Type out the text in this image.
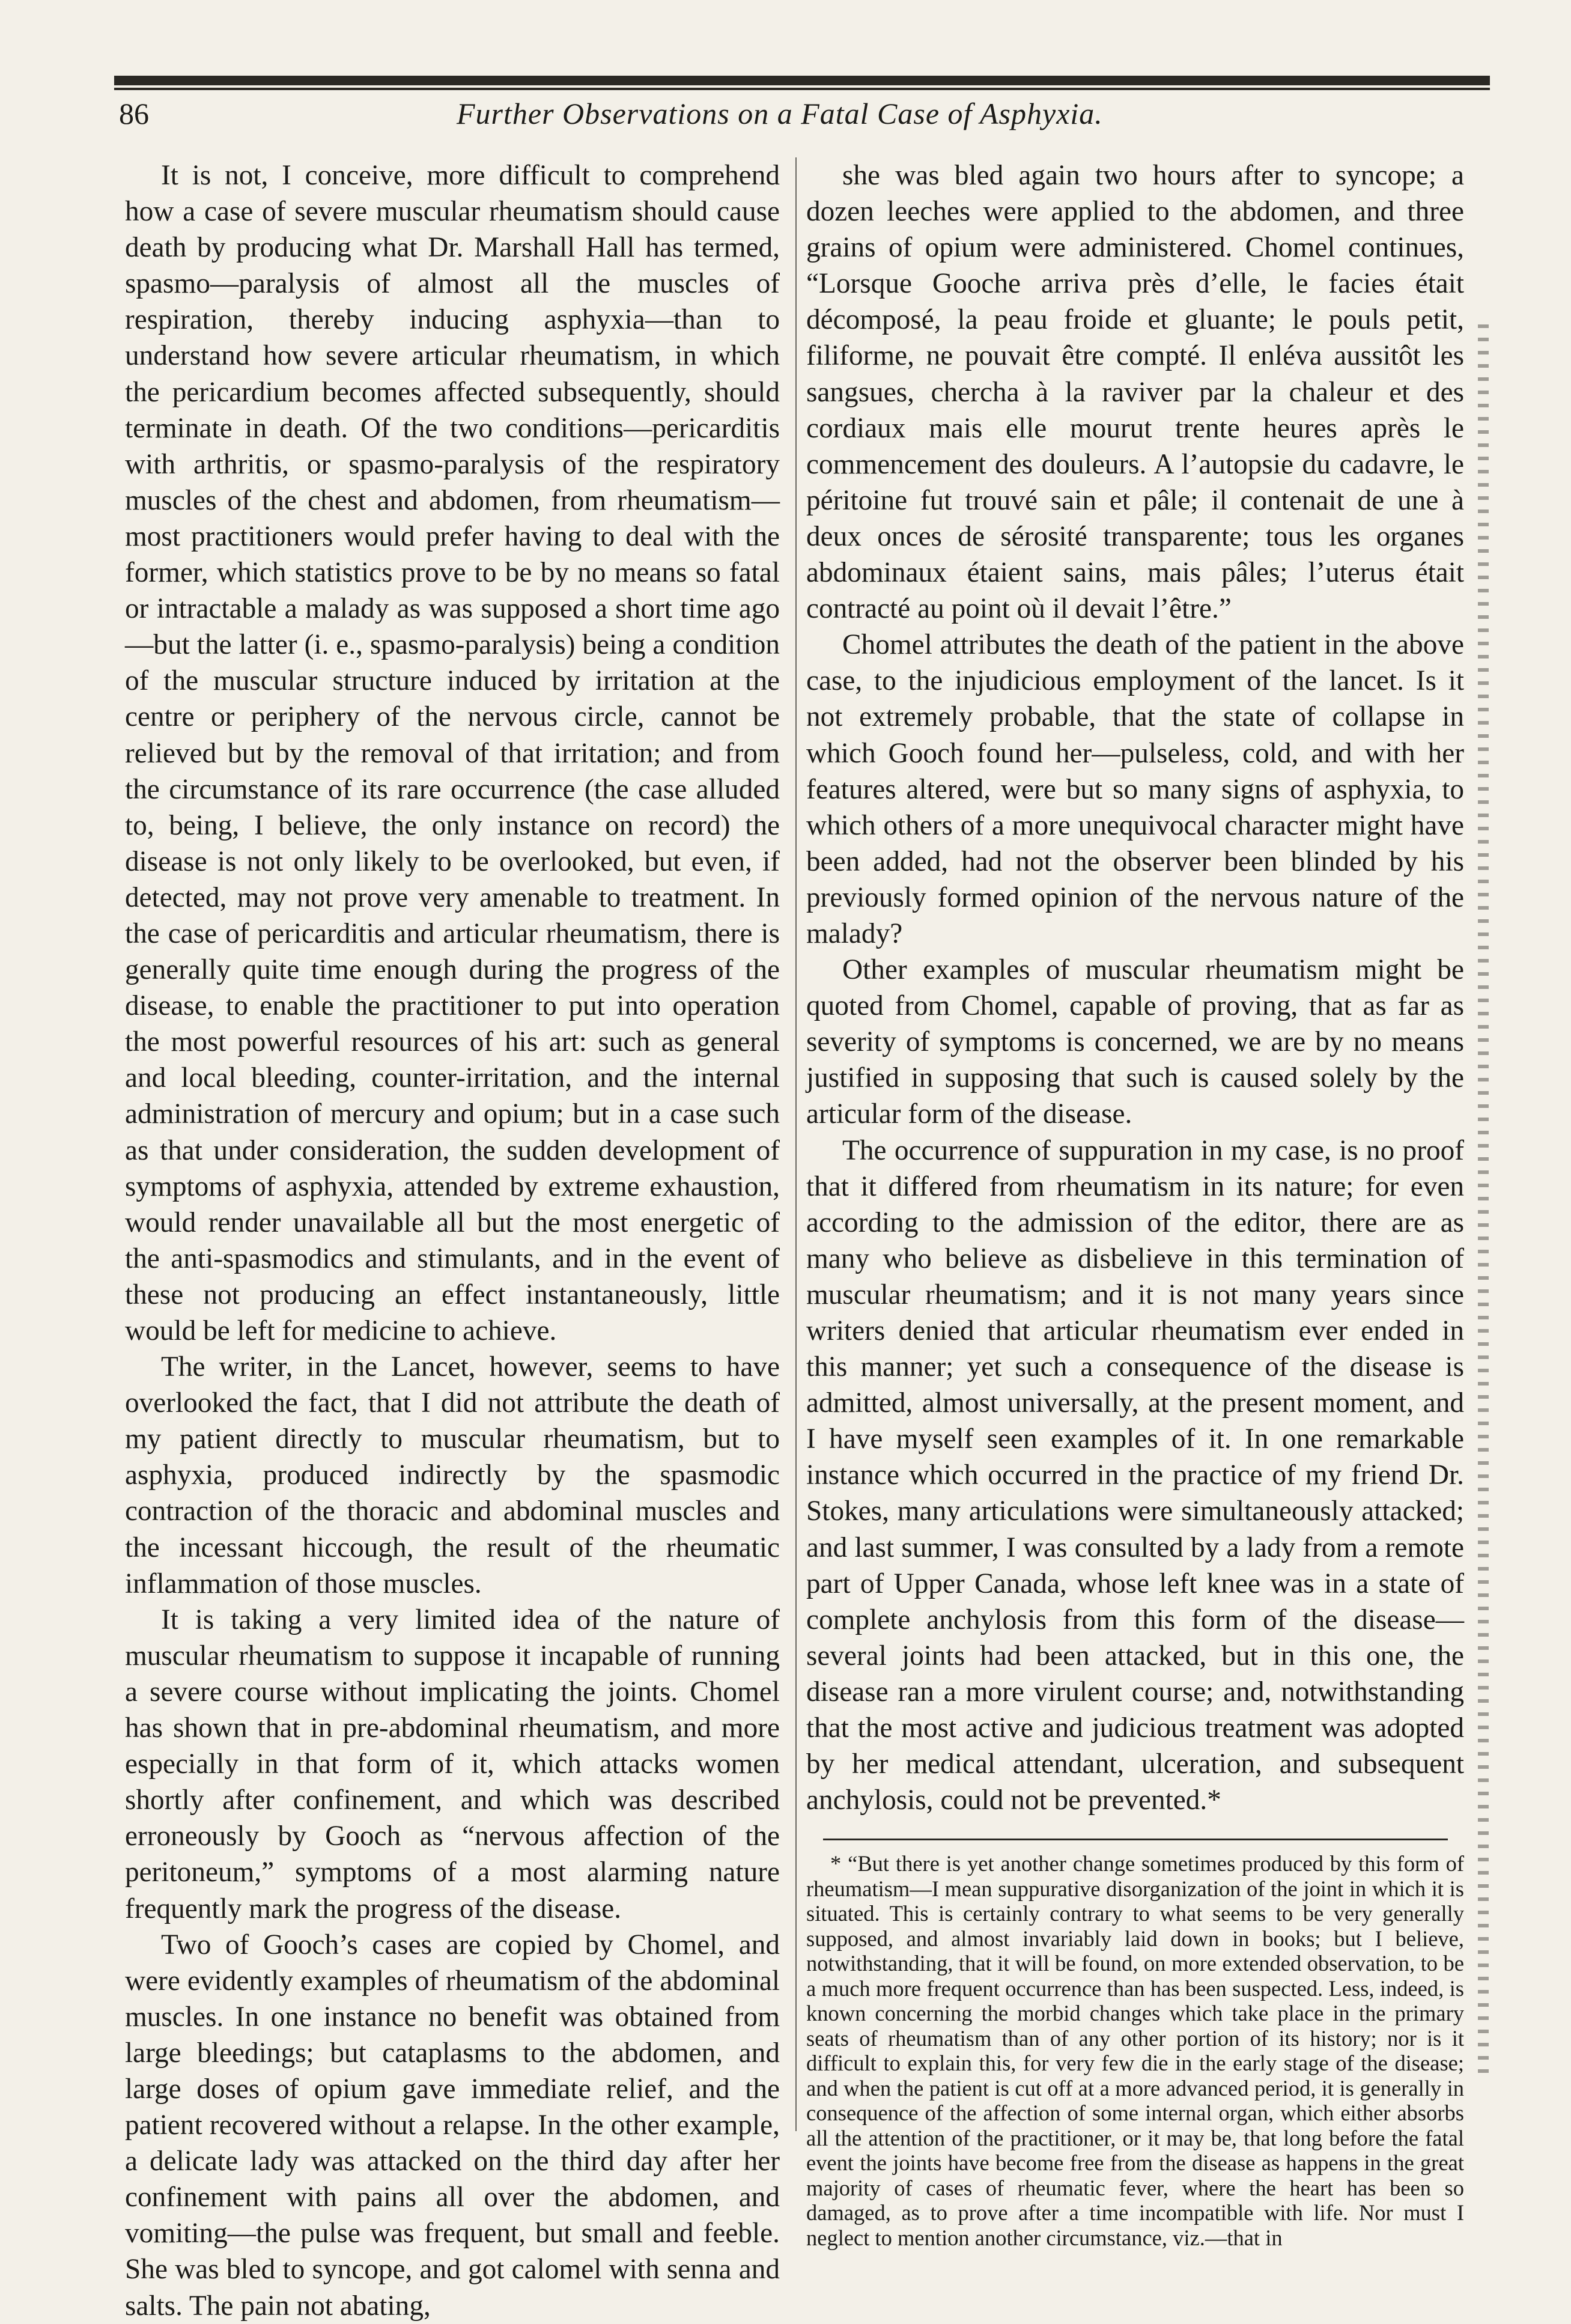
86	Further Observations on a Fatal Case of Asphyxia.

It is not, I conceive, more difficult to comprehend how a case of severe muscular rheumatism should cause death by producing what Dr. Marshall Hall has termed, spasmo—paralysis of almost all the muscles of respiration, thereby inducing asphyxia—than to understand how severe articular rheumatism, in which the pericardium becomes affected subsequently, should terminate in death. Of the two conditions—pericarditis with arthritis, or spasmo-paralysis of the respiratory muscles of the chest and abdomen, from rheumatism—most practitioners would prefer having to deal with the former, which statistics prove to be by no means so fatal or intractable a malady as was supposed a short time ago—but the latter (i. e., spasmo-paralysis) being a condition of the muscular structure induced by irritation at the centre or periphery of the nervous circle, cannot be relieved but by the removal of that irritation; and from the circumstance of its rare occurrence (the case alluded to, being, I believe, the only instance on record) the disease is not only likely to be overlooked, but even, if detected, may not prove very amenable to treatment. In the case of pericarditis and articular rheumatism, there is generally quite time enough during the progress of the disease, to enable the practitioner to put into operation the most powerful resources of his art: such as general and local bleeding, counter-irritation, and the internal administration of mercury and opium; but in a case such as that under consideration, the sudden development of symptoms of asphyxia, attended by extreme exhaustion, would render unavailable all but the most energetic of the anti-spasmodics and stimulants, and in the event of these not producing an effect instantaneously, little would be left for medicine to achieve.

The writer, in the Lancet, however, seems to have overlooked the fact, that I did not attribute the death of my patient directly to muscular rheumatism, but to asphyxia, produced indirectly by the spasmodic contraction of the thoracic and abdominal muscles and the incessant hiccough, the result of the rheumatic inflammation of those muscles.

It is taking a very limited idea of the nature of muscular rheumatism to suppose it incapable of running a severe course without implicating the joints. Chomel has shown that in pre-abdominal rheumatism, and more especially in that form of it, which attacks women shortly after confinement, and which was described erroneously by Gooch as “nervous affection of the peritoneum,” symptoms of a most alarming nature frequently mark the progress of the disease.

Two of Gooch’s cases are copied by Chomel, and were evidently examples of rheumatism of the abdominal muscles. In one instance no benefit was obtained from large bleedings; but cataplasms to the abdomen, and large doses of opium gave immediate relief, and the patient recovered without a relapse. In the other example, a delicate lady was attacked on the third day after her confinement with pains all over the abdomen, and vomiting—the pulse was frequent, but small and feeble. She was bled to syncope, and got calomel with senna and salts. The pain not abating,

she was bled again two hours after to syncope; a dozen leeches were applied to the abdomen, and three grains of opium were administered. Chomel continues, “Lorsque Gooche arriva près d’elle, le facies était décomposé, la peau froide et gluante; le pouls petit, filiforme, ne pouvait être compté. Il enléva aussitôt les sangsues, chercha à la raviver par la chaleur et des cordiaux mais elle mourut trente heures après le commencement des douleurs. A l’autopsie du cadavre, le péritoine fut trouvé sain et pâle; il contenait de une à deux onces de sérosité transparente; tous les organes abdominaux étaient sains, mais pâles; l’uterus était contracté au point où il devait l’être.”

Chomel attributes the death of the patient in the above case, to the injudicious employment of the lancet. Is it not extremely probable, that the state of collapse in which Gooch found her—pulseless, cold, and with her features altered, were but so many signs of asphyxia, to which others of a more unequivocal character might have been added, had not the observer been blinded by his previously formed opinion of the nervous nature of the malady?

Other examples of muscular rheumatism might be quoted from Chomel, capable of proving, that as far as severity of symptoms is concerned, we are by no means justified in supposing that such is caused solely by the articular form of the disease.

The occurrence of suppuration in my case, is no proof that it differed from rheumatism in its nature; for even according to the admission of the editor, there are as many who believe as disbelieve in this termination of muscular rheumatism; and it is not many years since writers denied that articular rheumatism ever ended in this manner; yet such a consequence of the disease is admitted, almost universally, at the present moment, and I have myself seen examples of it. In one remarkable instance which occurred in the practice of my friend Dr. Stokes, many articulations were simultaneously attacked; and last summer, I was consulted by a lady from a remote part of Upper Canada, whose left knee was in a state of complete anchylosis from this form of the disease—several joints had been attacked, but in this one, the disease ran a more virulent course; and, notwithstanding that the most active and judicious treatment was adopted by her medical attendant, ulceration, and subsequent anchylosis, could not be prevented.*

* “But there is yet another change sometimes produced by this form of rheumatism—I mean suppurative disorganization of the joint in which it is situated. This is certainly contrary to what seems to be very generally supposed, and almost invariably laid down in books; but I believe, notwithstanding, that it will be found, on more extended observation, to be a much more frequent occurrence than has been suspected. Less, indeed, is known concerning the morbid changes which take place in the primary seats of rheumatism than of any other portion of its history; nor is it difficult to explain this, for very few die in the early stage of the disease; and when the patient is cut off at a more advanced period, it is generally in consequence of the affection of some internal organ, which either absorbs all the attention of the practitioner, or it may be, that long before the fatal event the joints have become free from the disease as happens in the great majority of cases of rheumatic fever, where the heart has been so damaged, as to prove after a time incompatible with life. Nor must I neglect to mention another circumstance, viz.—that in
